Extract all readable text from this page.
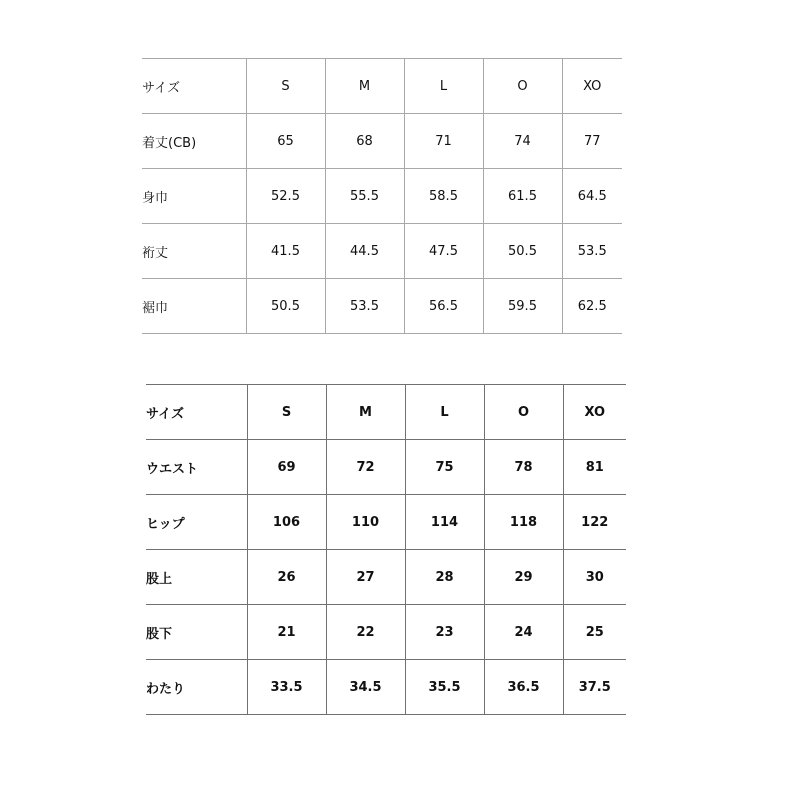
サイズ	S	M	L	O	XO
着丈(CB)	65	68	71	74	77
身巾	52.5	55.5	58.5	61.5	64.5
裄丈	41.5	44.5	47.5	50.5	53.5
裾巾	50.5	53.5	56.5	59.5	62.5
サイズ	S	M	L	O	XO
ウエスト	69	72	75	78	81
ヒップ	106	110	114	118	122
股上	26	27	28	29	30
股下	21	22	23	24	25
わたり	33.5	34.5	35.5	36.5	37.5
